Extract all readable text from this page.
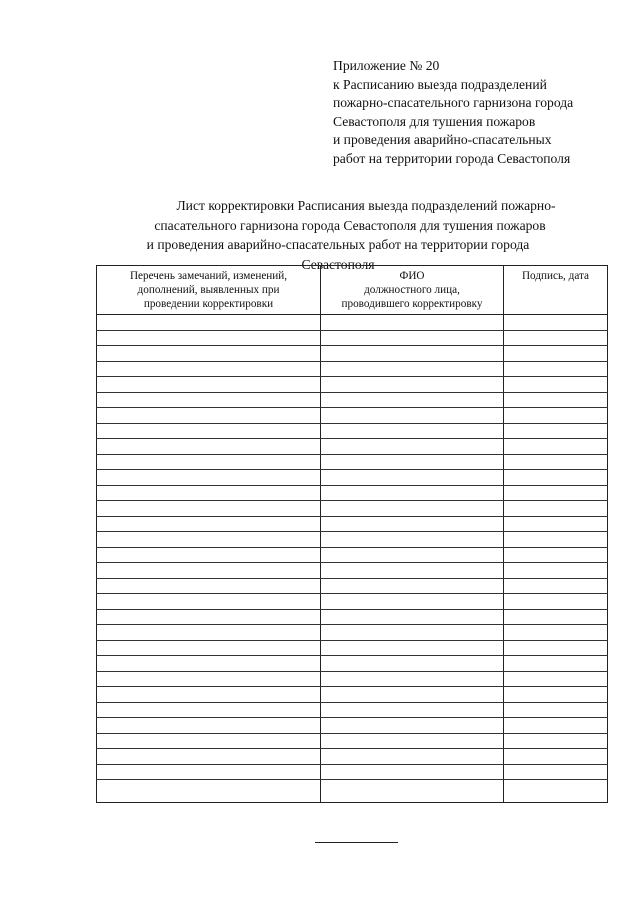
Приложение № 20
к Расписанию выезда подразделений
пожарно-спасательного гарнизона города
Севастополя для тушения пожаров
и проведения аварийно-спасательных
работ на территории города Севастополя
Лист корректировки Расписания выезда подразделений пожарно-
спасательного гарнизона города Севастополя для тушения пожаров
и проведения аварийно-спасательных работ на территории города
Севастополя
Перечень замечаний, изменений,
дополнений, выявленных при
проведении корректировки	ФИО
должностного лица,
проводившего корректировку	Подпись, дата
